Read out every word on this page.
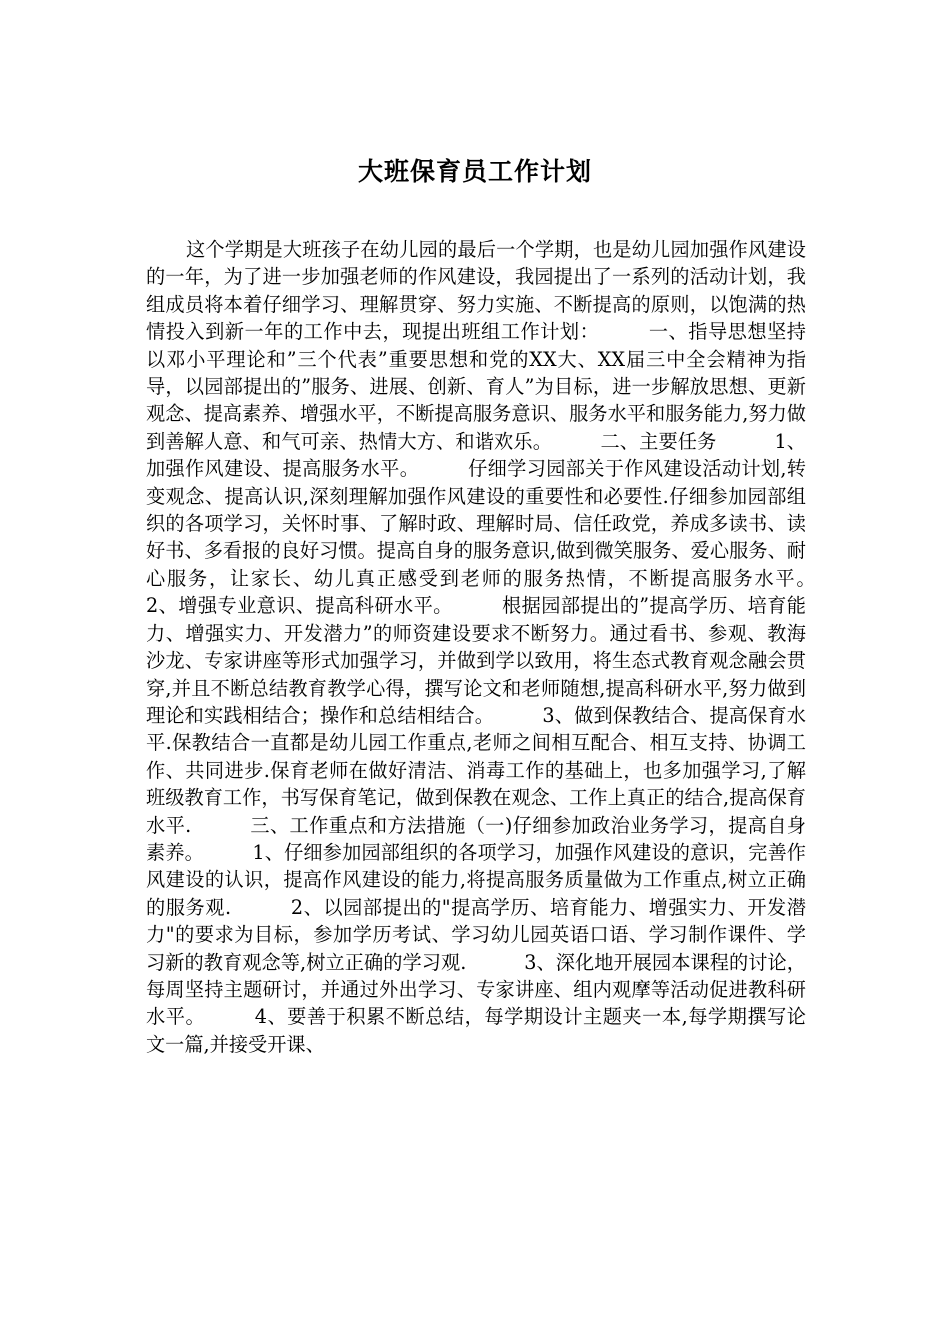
大班保育员工作计划

这个学期是大班孩子在幼儿园的最后一个学期，也是幼儿园加强作风建设的一年，为了进一步加强老师的作风建设，我园提出了一系列的活动计划，我组成员将本着仔细学习、理解贯穿、努力实施、不断提高的原则，以饱满的热情投入到新一年的工作中去，现提出班组工作计划：　　　一、指导思想坚持以邓小平理论和”三个代表”重要思想和党的XX大、XX届三中全会精神为指导，以园部提出的”服务、进展、创新、育人”为目标，进一步解放思想、更新观念、提高素养、增强水平，不断提高服务意识、服务水平和服务能力,努力做到善解人意、和气可亲、热情大方、和谐欢乐。　　　二、主要任务　　　1、加强作风建设、提高服务水平。　　　仔细学习园部关于作风建设活动计划,转变观念、提高认识,深刻理解加强作风建设的重要性和必要性.仔细参加园部组织的各项学习，关怀时事、了解时政、理解时局、信任政党，养成多读书、读好书、多看报的良好习惯。提高自身的服务意识,做到微笑服务、爱心服务、耐心服务，让家长、幼儿真正感受到老师的服务热情，不断提高服务水平。　　2、增强专业意识、提高科研水平。　　　根据园部提出的”提高学历、培育能力、增强实力、开发潜力”的师资建设要求不断努力。通过看书、参观、教海沙龙、专家讲座等形式加强学习，并做到学以致用，将生态式教育观念融会贯穿,并且不断总结教育教学心得，撰写论文和老师随想,提高科研水平,努力做到理论和实践相结合；操作和总结相结合。　　　3、做到保教结合、提高保育水平.保教结合一直都是幼儿园工作重点,老师之间相互配合、相互支持、协调工作、共同进步.保育老师在做好清洁、消毒工作的基础上，也多加强学习,了解班级教育工作，书写保育笔记，做到保教在观念、工作上真正的结合,提高保育水平.　　　三、工作重点和方法措施（一)仔细参加政治业务学习，提高自身素养。　　　1、仔细参加园部组织的各项学习，加强作风建设的意识，完善作风建设的认识，提高作风建设的能力,将提高服务质量做为工作重点,树立正确的服务观.　　　2、以园部提出的"提高学历、培育能力、增强实力、开发潜力"的要求为目标，参加学历考试、学习幼儿园英语口语、学习制作课件、学习新的教育观念等,树立正确的学习观.　　　3、深化地开展园本课程的讨论，每周坚持主题研讨，并通过外出学习、专家讲座、组内观摩等活动促进教科研水平。　　　4、要善于积累不断总结，每学期设计主题夹一本,每学期撰写论文一篇,并接受开课、
